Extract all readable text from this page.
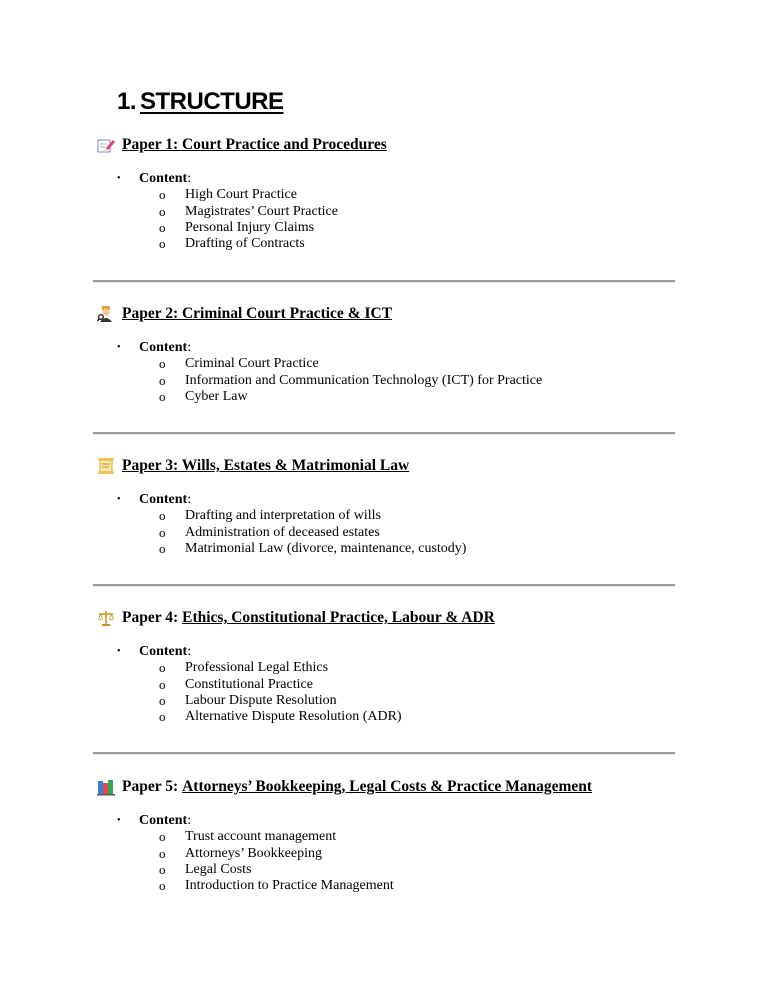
1. STRUCTURE
Paper 1: Court Practice and Procedures
•	Content:
o	High Court Practice
o	Magistrates’ Court Practice
o	Personal Injury Claims
o	Drafting of Contracts
Paper 2: Criminal Court Practice & ICT
•	Content:
o	Criminal Court Practice
o	Information and Communication Technology (ICT) for Practice
o	Cyber Law
Paper 3: Wills, Estates & Matrimonial Law
•	Content:
o	Drafting and interpretation of wills
o	Administration of deceased estates
o	Matrimonial Law (divorce, maintenance, custody)
Paper 4: Ethics, Constitutional Practice, Labour & ADR
•	Content:
o	Professional Legal Ethics
o	Constitutional Practice
o	Labour Dispute Resolution
o	Alternative Dispute Resolution (ADR)
Paper 5: Attorneys’ Bookkeeping, Legal Costs & Practice Management
•	Content:
o	Trust account management
o	Attorneys’ Bookkeeping
o	Legal Costs
o	Introduction to Practice Management
